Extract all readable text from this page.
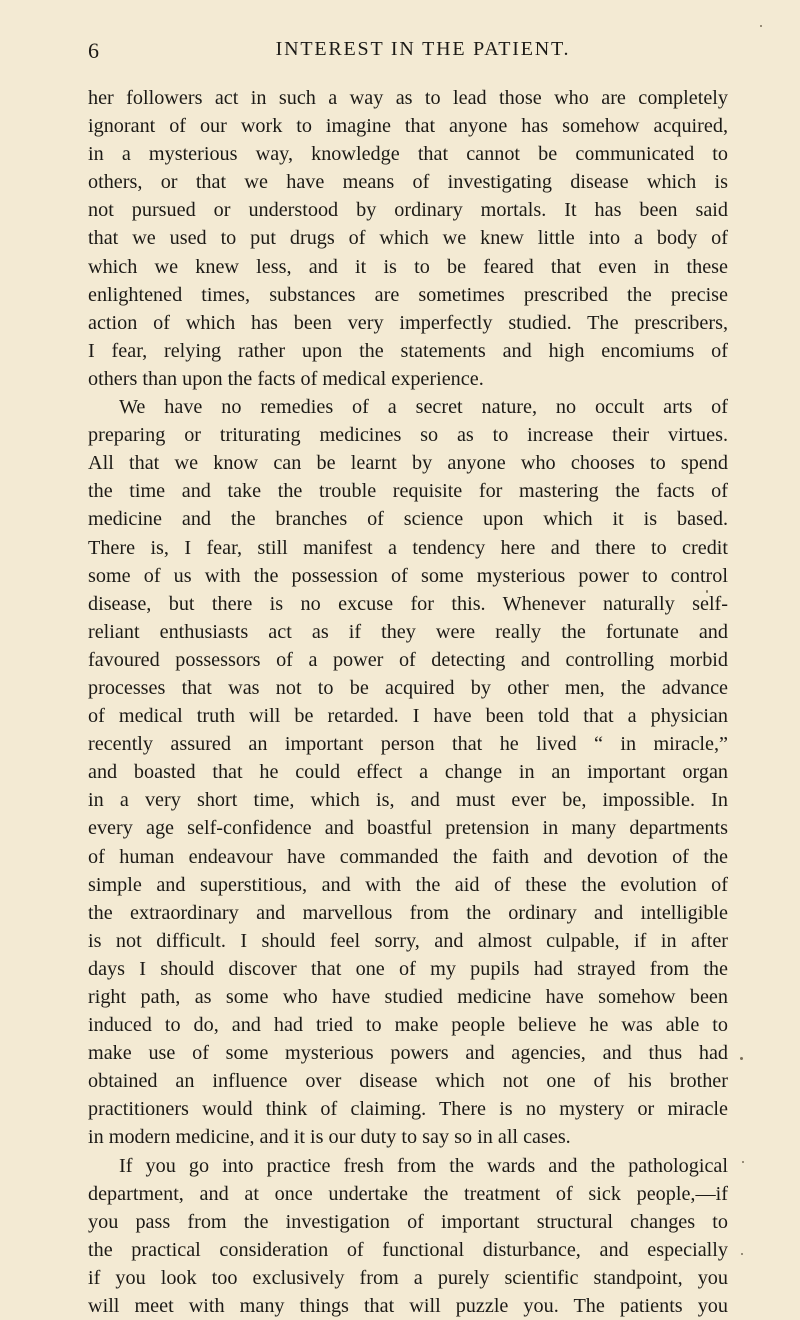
6	INTEREST IN THE PATIENT.
her followers act in such a way as to lead those who are completely
ignorant of our work to imagine that anyone has somehow acquired,
in a mysterious way, knowledge that cannot be communicated to
others, or that we have means of investigating disease which is
not pursued or understood by ordinary mortals. It has been said
that we used to put drugs of which we knew little into a body of
which we knew less, and it is to be feared that even in these
enlightened times, substances are sometimes prescribed the precise
action of which has been very imperfectly studied. The prescribers,
I fear, relying rather upon the statements and high encomiums of
others than upon the facts of medical experience.
We have no remedies of a secret nature, no occult arts of
preparing or triturating medicines so as to increase their virtues.
All that we know can be learnt by anyone who chooses to spend
the time and take the trouble requisite for mastering the facts of
medicine and the branches of science upon which it is based.
There is, I fear, still manifest a tendency here and there to credit
some of us with the possession of some mysterious power to control
disease, but there is no excuse for this. Whenever naturally self-
reliant enthusiasts act as if they were really the fortunate and
favoured possessors of a power of detecting and controlling morbid
processes that was not to be acquired by other men, the advance
of medical truth will be retarded. I have been told that a physician
recently assured an important person that he lived “ in miracle,”
and boasted that he could effect a change in an important organ
in a very short time, which is, and must ever be, impossible. In
every age self-confidence and boastful pretension in many departments
of human endeavour have commanded the faith and devotion of the
simple and superstitious, and with the aid of these the evolution of
the extraordinary and marvellous from the ordinary and intelligible
is not difficult. I should feel sorry, and almost culpable, if in after
days I should discover that one of my pupils had strayed from the
right path, as some who have studied medicine have somehow been
induced to do, and had tried to make people believe he was able to
make use of some mysterious powers and agencies, and thus had
obtained an influence over disease which not one of his brother
practitioners would think of claiming. There is no mystery or miracle
in modern medicine, and it is our duty to say so in all cases.
If you go into practice fresh from the wards and the pathological
department, and at once undertake the treatment of sick people,—if
you pass from the investigation of important structural changes to
the practical consideration of functional disturbance, and especially
if you look too exclusively from a purely scientific standpoint, you
will meet with many things that will puzzle you. The patients you
